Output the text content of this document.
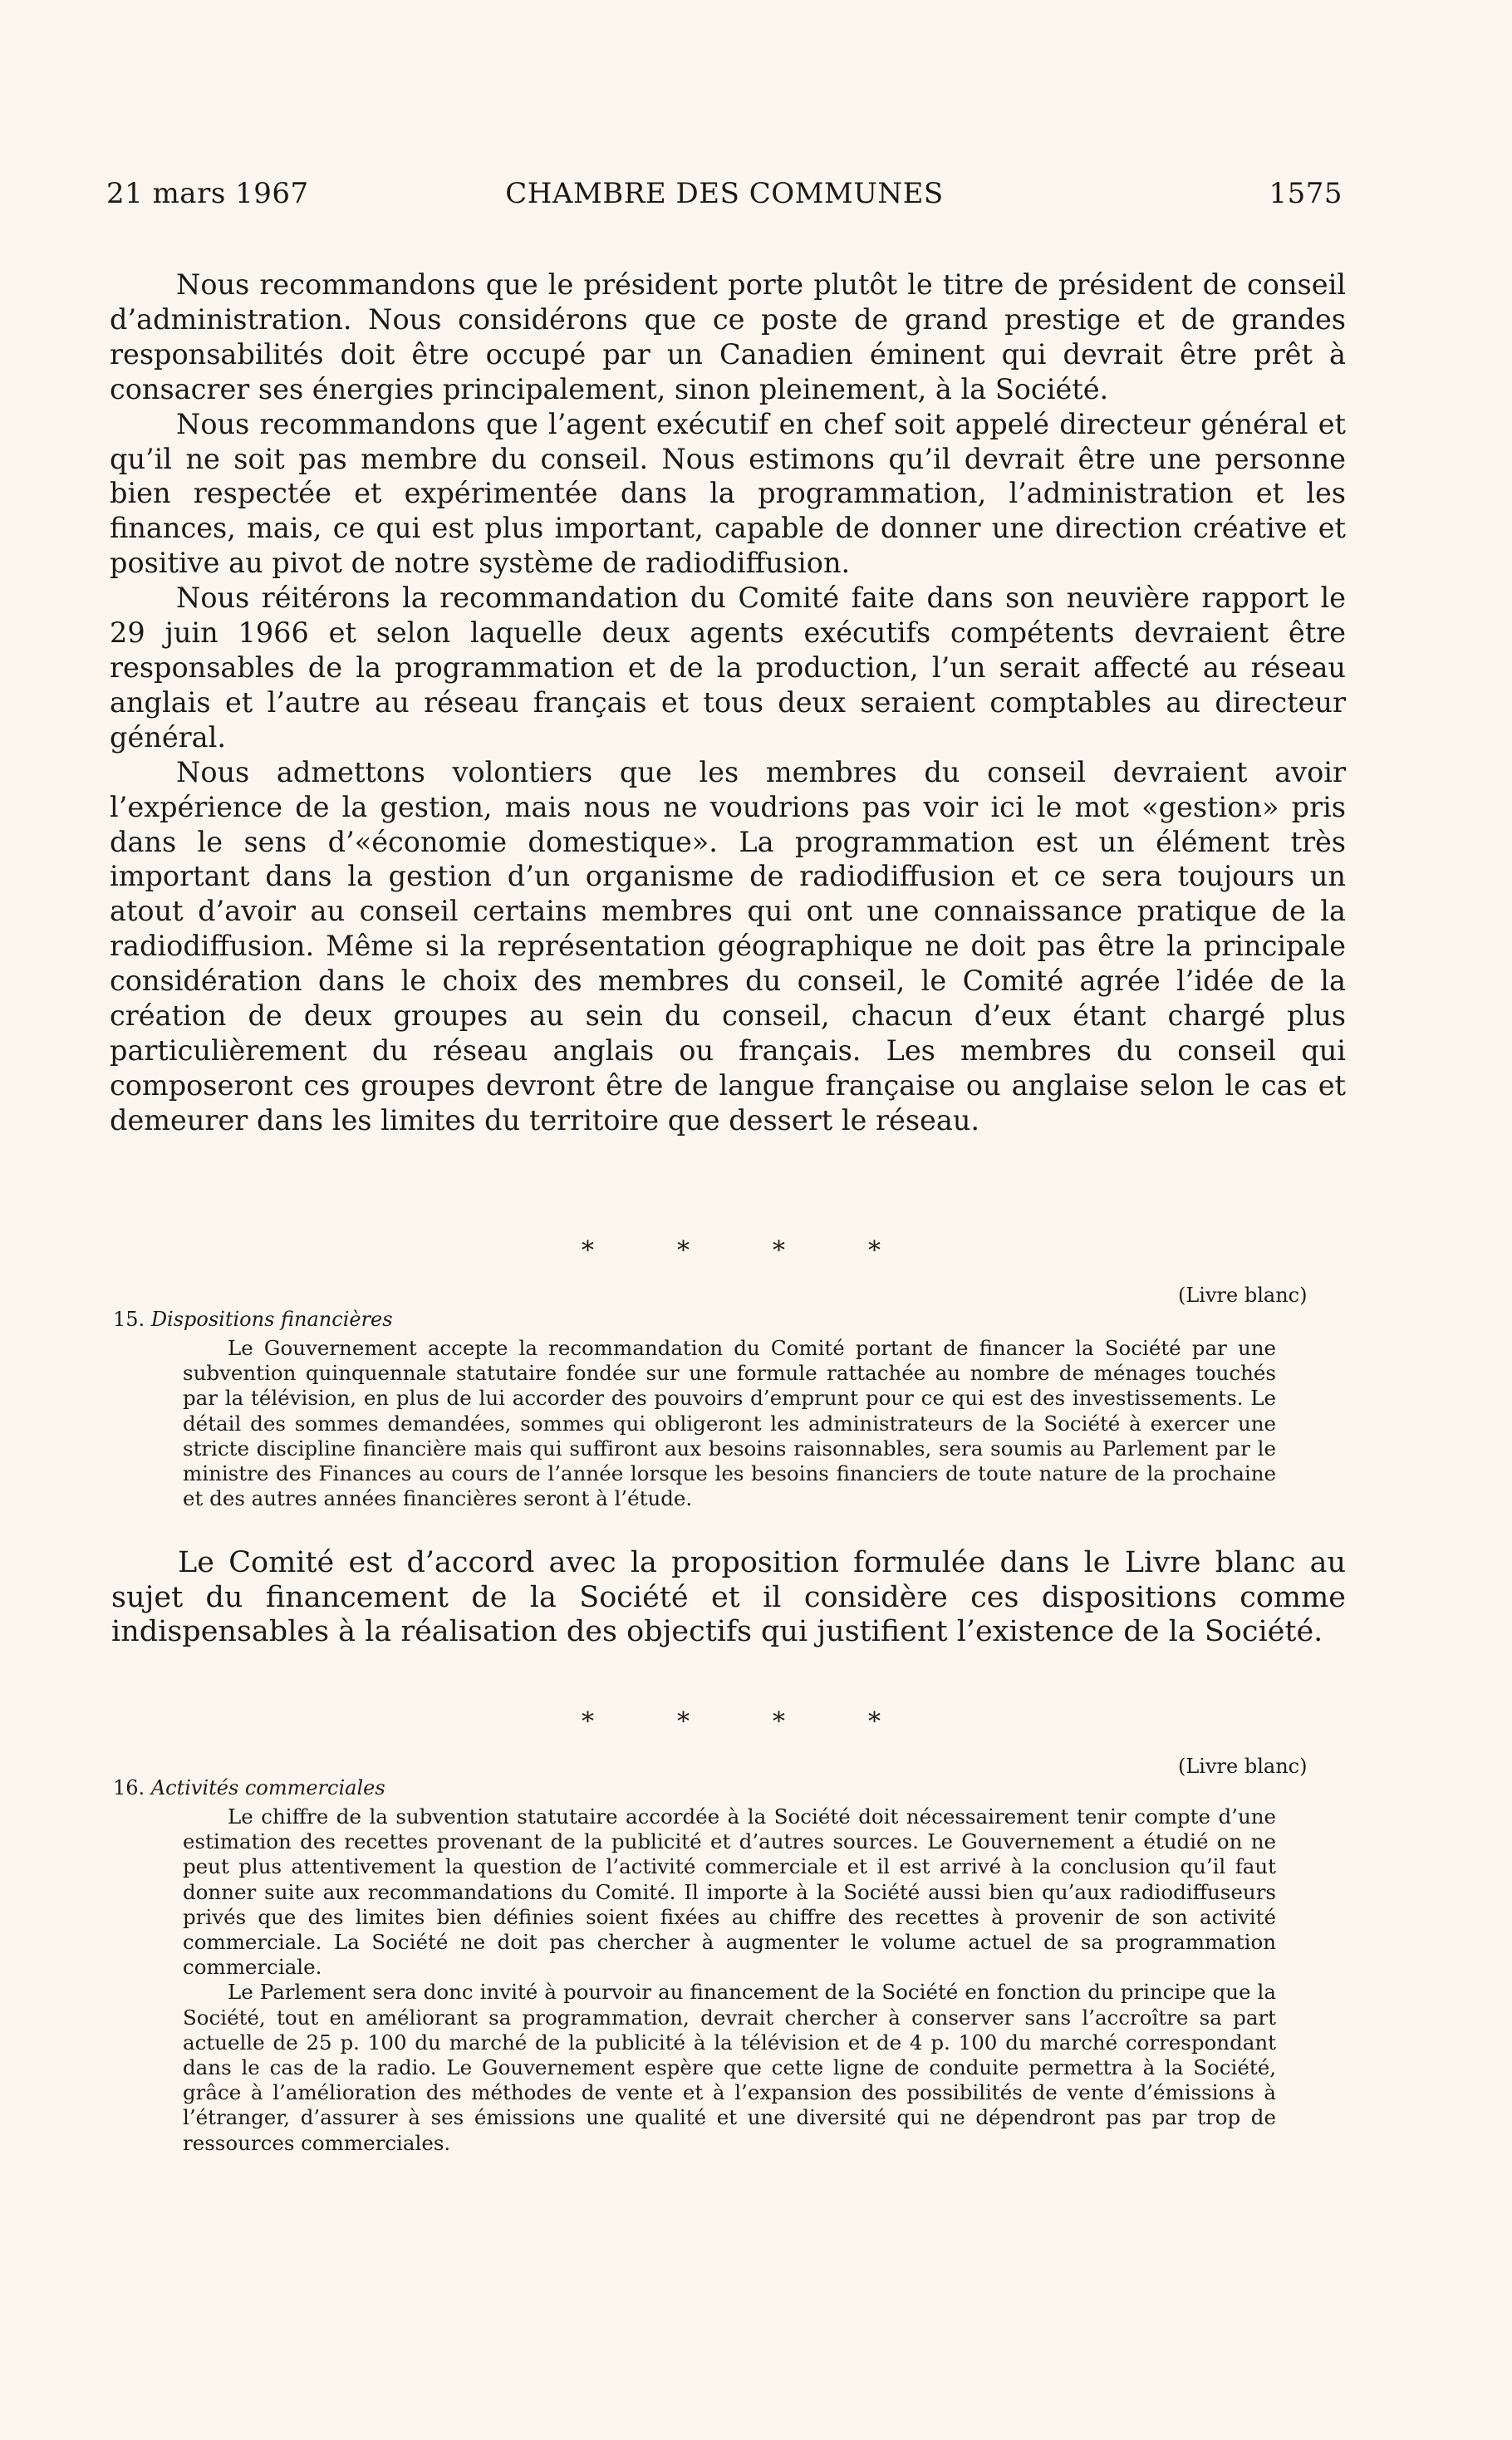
21 mars 1967	CHAMBRE DES COMMUNES	1575

Nous recommandons que le président porte plutôt le titre de président de conseil d’administration. Nous considérons que ce poste de grand prestige et de grandes responsabilités doit être occupé par un Canadien éminent qui devrait être prêt à consacrer ses énergies principalement, sinon pleinement, à la Société.

Nous recommandons que l’agent exécutif en chef soit appelé directeur général et qu’il ne soit pas membre du conseil. Nous estimons qu’il devrait être une personne bien respectée et expérimentée dans la programmation, l’administration et les finances, mais, ce qui est plus important, capable de donner une direction créative et positive au pivot de notre système de radiodiffusion.

Nous réitérons la recommandation du Comité faite dans son neuvière rapport le 29 juin 1966 et selon laquelle deux agents exécutifs compétents devraient être responsables de la programmation et de la production, l’un serait affecté au réseau anglais et l’autre au réseau français et tous deux seraient comptables au directeur général.

Nous admettons volontiers que les membres du conseil devraient avoir l’expérience de la gestion, mais nous ne voudrions pas voir ici le mot «gestion» pris dans le sens d’«économie domestique». La programmation est un élément très important dans la gestion d’un organisme de radiodiffusion et ce sera toujours un atout d’avoir au conseil certains membres qui ont une connaissance pratique de la radiodiffusion. Même si la représentation géographique ne doit pas être la principale considération dans le choix des membres du conseil, le Comité agrée l’idée de la création de deux groupes au sein du conseil, chacun d’eux étant chargé plus particulièrement du réseau anglais ou français. Les membres du conseil qui composeront ces groupes devront être de langue française ou anglaise selon le cas et demeurer dans les limites du territoire que dessert le réseau.

*	*	*	*
(Livre blanc)
15. Dispositions financières

Le Gouvernement accepte la recommandation du Comité portant de financer la Société par une subvention quinquennale statutaire fondée sur une formule rattachée au nombre de ménages touchés par la télévision, en plus de lui accorder des pouvoirs d’emprunt pour ce qui est des investissements. Le détail des sommes demandées, sommes qui obligeront les administrateurs de la Société à exercer une stricte discipline financière mais qui suffiront aux besoins raisonnables, sera soumis au Parlement par le ministre des Finances au cours de l’année lorsque les besoins financiers de toute nature de la prochaine et des autres années financières seront à l’étude.

Le Comité est d’accord avec la proposition formulée dans le Livre blanc au sujet du financement de la Société et il considère ces dispositions comme indispensables à la réalisation des objectifs qui justifient l’existence de la Société.

*	*	*	*
(Livre blanc)
16. Activités commerciales

Le chiffre de la subvention statutaire accordée à la Société doit nécessairement tenir compte d’une estimation des recettes provenant de la publicité et d’autres sources. Le Gouvernement a étudié on ne peut plus attentivement la question de l’activité commerciale et il est arrivé à la conclusion qu’il faut donner suite aux recommandations du Comité. Il importe à la Société aussi bien qu’aux radiodiffuseurs privés que des limites bien définies soient fixées au chiffre des recettes à provenir de son activité commerciale. La Société ne doit pas chercher à augmenter le volume actuel de sa programmation commerciale.

Le Parlement sera donc invité à pourvoir au financement de la Société en fonction du principe que la Société, tout en améliorant sa programmation, devrait chercher à conserver sans l’accroître sa part actuelle de 25 p. 100 du marché de la publicité à la télévision et de 4 p. 100 du marché correspondant dans le cas de la radio. Le Gouvernement espère que cette ligne de conduite permettra à la Société, grâce à l’amélioration des méthodes de vente et à l’expansion des possibilités de vente d’émissions à l’étranger, d’assurer à ses émissions une qualité et une diversité qui ne dépendront pas par trop de ressources commerciales.
